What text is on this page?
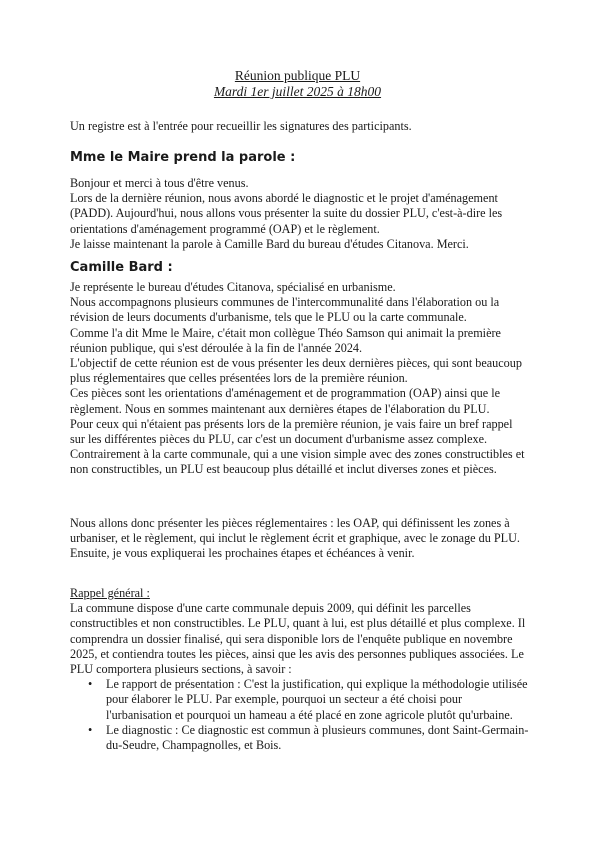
Réunion publique PLU
Mardi 1er juillet 2025 à 18h00

Un registre est à l'entrée pour recueillir les signatures des participants.

Mme le Maire prend la parole :

Bonjour et merci à tous d'être venus.

Lors de la dernière réunion, nous avons abordé le diagnostic et le projet d'aménagement (PADD). Aujourd'hui, nous allons vous présenter la suite du dossier PLU, c'est-à-dire les orientations d'aménagement programmé (OAP) et le règlement.

Je laisse maintenant la parole à Camille Bard du bureau d'études Citanova. Merci.

Camille Bard :

Je représente le bureau d'études Citanova, spécialisé en urbanisme.

Nous accompagnons plusieurs communes de l'intercommunalité dans l'élaboration ou la révision de leurs documents d'urbanisme, tels que le PLU ou la carte communale.

Comme l'a dit Mme le Maire, c'était mon collègue Théo Samson qui animait la première réunion publique, qui s'est déroulée à la fin de l'année 2024.

L'objectif de cette réunion est de vous présenter les deux dernières pièces, qui sont beaucoup plus réglementaires que celles présentées lors de la première réunion.

Ces pièces sont les orientations d'aménagement et de programmation (OAP) ainsi que le règlement. Nous en sommes maintenant aux dernières étapes de l'élaboration du PLU.

Pour ceux qui n'étaient pas présents lors de la première réunion, je vais faire un bref rappel sur les différentes pièces du PLU, car c'est un document d'urbanisme assez complexe. Contrairement à la carte communale, qui a une vision simple avec des zones constructibles et non constructibles, un PLU est beaucoup plus détaillé et inclut diverses zones et pièces.

Nous allons donc présenter les pièces réglementaires : les OAP, qui définissent les zones à urbaniser, et le règlement, qui inclut le règlement écrit et graphique, avec le zonage du PLU. Ensuite, je vous expliquerai les prochaines étapes et échéances à venir.

Rappel général :

La commune dispose d'une carte communale depuis 2009, qui définit les parcelles constructibles et non constructibles. Le PLU, quant à lui, est plus détaillé et plus complexe. Il comprendra un dossier finalisé, qui sera disponible lors de l'enquête publique en novembre 2025, et contiendra toutes les pièces, ainsi que les avis des personnes publiques associées. Le PLU comportera plusieurs sections, à savoir :

• Le rapport de présentation : C'est la justification, qui explique la méthodologie utilisée pour élaborer le PLU. Par exemple, pourquoi un secteur a été choisi pour l'urbanisation et pourquoi un hameau a été placé en zone agricole plutôt qu'urbaine.
• Le diagnostic : Ce diagnostic est commun à plusieurs communes, dont Saint-Germain-du-Seudre, Champagnolles, et Bois.
